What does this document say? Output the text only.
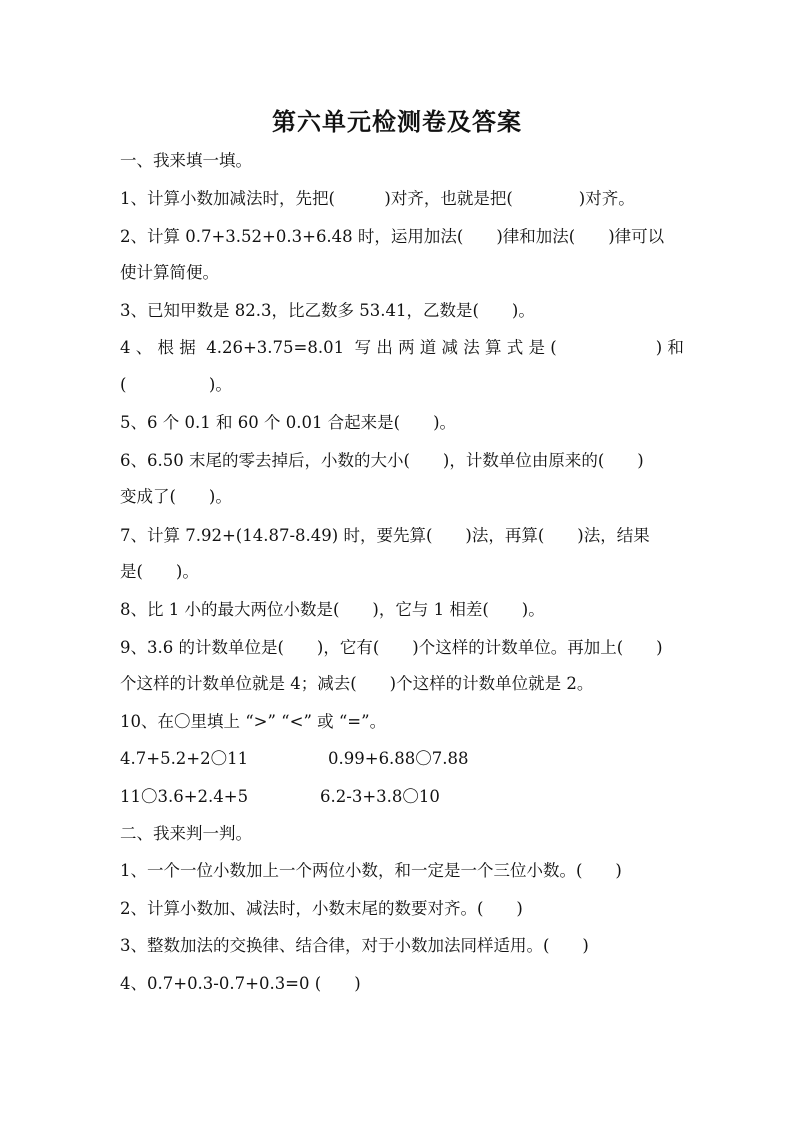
第六单元检测卷及答案
一、我来填一填。
1、计算小数加减法时，先把(　　　)对齐，也就是把(　　　　)对齐。
2、计算 0.7+3.52+0.3+6.48 时，运用加法(　　)律和加法(　　)律可以
使计算简便。
3、已知甲数是 82.3，比乙数多 53.41，乙数是(　　)。
4 、 根 据  4.26+3.75=8.01  写 出 两 道 减 法 算 式 是 (　　　　　　) 和
(　　　　　)。
5、6 个 0.1 和 60 个 0.01 合起来是(　　)。
6、6.50 末尾的零去掉后，小数的大小(　　)，计数单位由原来的(　　)
变成了(　　)。
7、计算 7.92+(14.87-8.49) 时，要先算(　　)法，再算(　　)法，结果
是(　　)。
8、比 1 小的最大两位小数是(　　)，它与 1 相差(　　)。
9、3.6 的计数单位是(　　)，它有(　　)个这样的计数单位。再加上(　　)
个这样的计数单位就是 4；减去(　　)个这样的计数单位就是 2。
10、在〇里填上 “>” “<” 或 “=”。
4.7+5.2+2〇11	0.99+6.88〇7.88
11〇3.6+2.4+5	6.2-3+3.8〇10
二、我来判一判。
1、一个一位小数加上一个两位小数，和一定是一个三位小数。(　　)
2、计算小数加、减法时，小数末尾的数要对齐。(　　)
3、整数加法的交换律、结合律，对于小数加法同样适用。(　　)
4、0.7+0.3-0.7+0.3=0 (　　)
